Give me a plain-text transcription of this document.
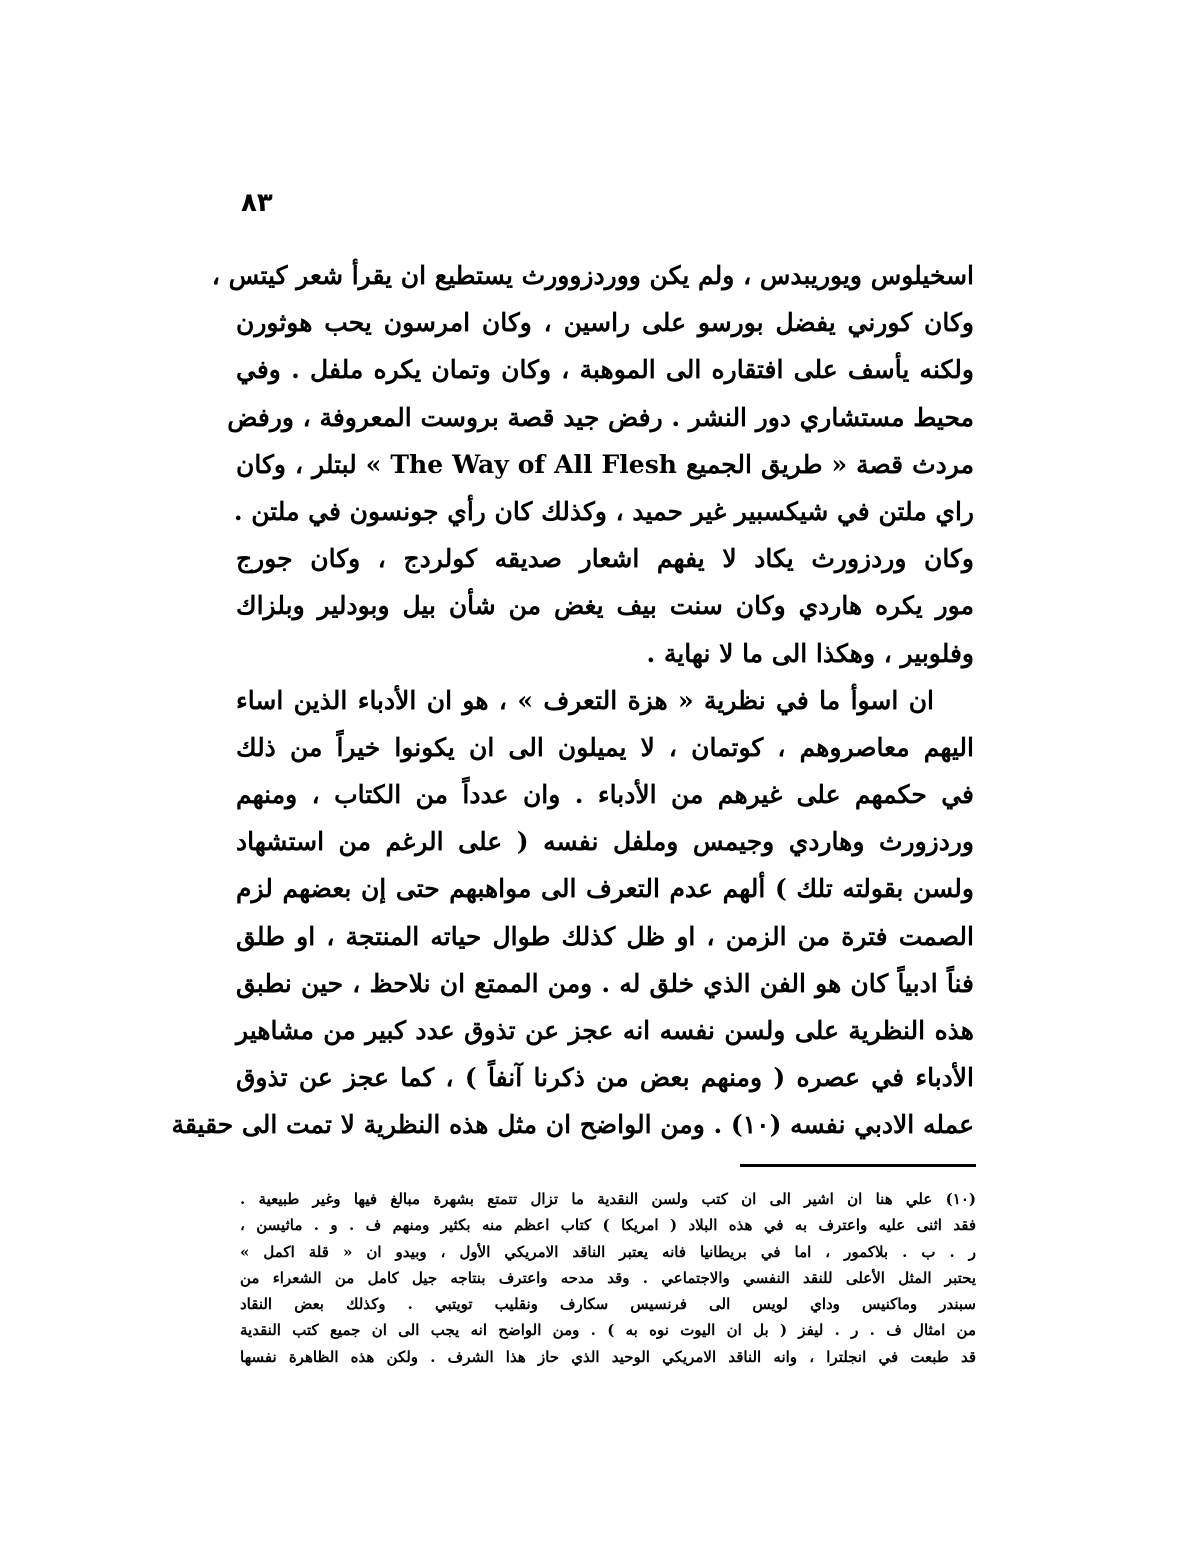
٨٣
اسخيلوس ويوريبدس ، ولم يكن ووردزوورث يستطيع ان يقرأ شعر كيتس ،
وكان كورني يفضل بورسو على راسين ، وكان امرسون يحب هوثورن
ولكنه يأسف على افتقاره الى الموهبة ، وكان وتمان يكره ملفل . وفي
محيط مستشاري دور النشر . رفض جيد قصة بروست المعروفة ، ورفض
مردث قصة « طريق الجميع The Way of All Flesh » لبتلر ، وكان
راي ملتن في شيكسبير غير حميد ، وكذلك كان رأي جونسون في ملتن .
وكان وردزورث يكاد لا يفهم اشعار صديقه كولردج ، وكان جورج
مور يكره هاردي وكان سنت بيف يغض من شأن بيل وبودلير وبلزاك
وفلوبير ، وهكذا الى ما لا نهاية .
ان اسوأ ما في نظرية « هزة التعرف » ، هو ان الأدباء الذين اساء
اليهم معاصروهم ، كوتمان ، لا يميلون الى ان يكونوا خيراً من ذلك
في حكمهم على غيرهم من الأدباء . وان عدداً من الكتاب ، ومنهم
وردزورث وهاردي وجيمس وملفل نفسه ( على الرغم من استشهاد
ولسن بقولته تلك ) ألهم عدم التعرف الى مواهبهم حتى إن بعضهم لزم
الصمت فترة من الزمن ، او ظل كذلك طوال حياته المنتجة ، او طلق
فناً ادبياً كان هو الفن الذي خلق له . ومن الممتع ان نلاحظ ، حين نطبق
هذه النظرية على ولسن نفسه انه عجز عن تذوق عدد كبير من مشاهير
الأدباء في عصره ( ومنهم بعض من ذكرنا آنفاً ) ، كما عجز عن تذوق
عمله الادبي نفسه (١٠) . ومن الواضح ان مثل هذه النظرية لا تمت الى حقيقة
(١٠) علي هنا ان اشير الى ان كتب ولسن النقدية ما تزال تتمتع بشهرة مبالغ فيها وغير طبيعية .
فقد اثنى عليه واعترف به في هذه البلاد ( امريكا ) كتاب اعظم منه بكثير ومنهم ف . و . ماثيسن ،
ر . ب . بلاكمور ، اما في بريطانيا فانه يعتبر الناقد الامريكي الأول ، وبيدو ان « قلة اكمل »
يحتبر المثل الأعلى للنقد النفسي والاجتماعي . وقد مدحه واعترف بنتاجه جيل كامل من الشعراء من
سبندر وماكنيس وداي لويس الى فرنسيس سكارف ونقليب تويتبي . وكذلك بعض النقاد
من امثال ف . ر . ليفز ( بل ان اليوت نوه به ) . ومن الواضح انه يجب الى ان جميع كتب النقدية
قد طبعت في انجلترا ، وانه الناقد الامريكي الوحيد الذي حاز هذا الشرف . ولكن هذه الظاهرة نفسها
